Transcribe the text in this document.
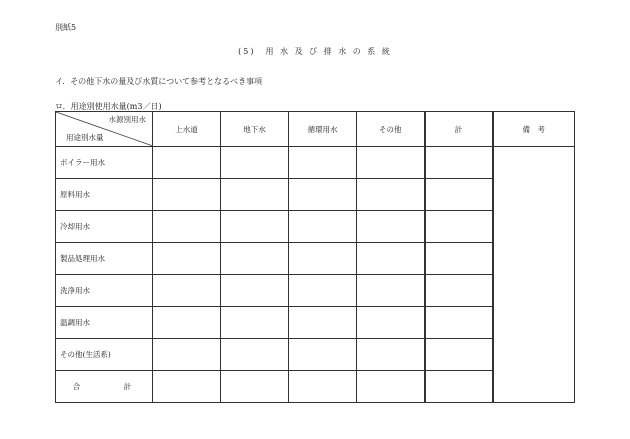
別紙5
(5)　用 水 及 び 排 水 の 系 統
イ．その他下水の量及び水質について参考となるべき事項
ロ．用途別使用水量(m3／日)
水源別用水
用途別水量	上水道	地下水	循環用水	その他	計	備　考
ボイラー用水						
原料用水						
冷却用水						
製品処理用水						
洗浄用水						
温調用水						
その他(生活系)						
合　計						
